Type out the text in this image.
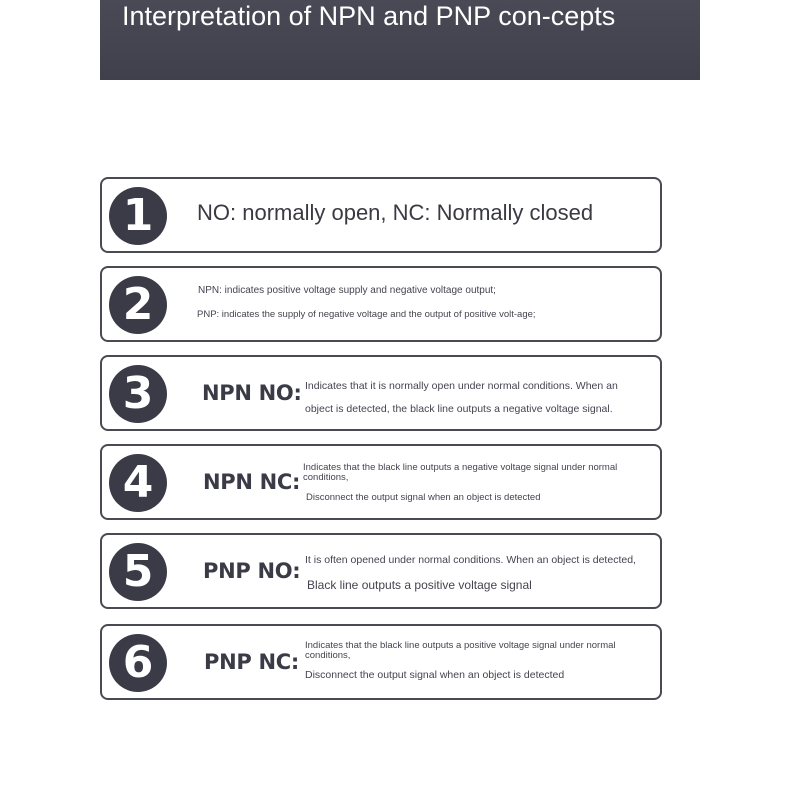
Interpretation of NPN and PNP con-cepts
1	NO: normally open, NC: Normally closed
2	NPN: indicates positive voltage supply and negative voltage output;
PNP: indicates the supply of negative voltage and the output of positive volt-age;
3	NPN NO: Indicates that it is normally open under normal conditions. When an
object is detected, the black line outputs a negative voltage signal.
4	NPN NC:
Indicates that the black line outputs a negative voltage signal under normal conditions,
Disconnect the output signal when an object is detected
5	PNP NO: It is often opened under normal conditions. When an object is detected,
Black line outputs a positive voltage signal
6	PNP NC:
Indicates that the black line outputs a positive voltage signal under normal conditions,
Disconnect the output signal when an object is detected
